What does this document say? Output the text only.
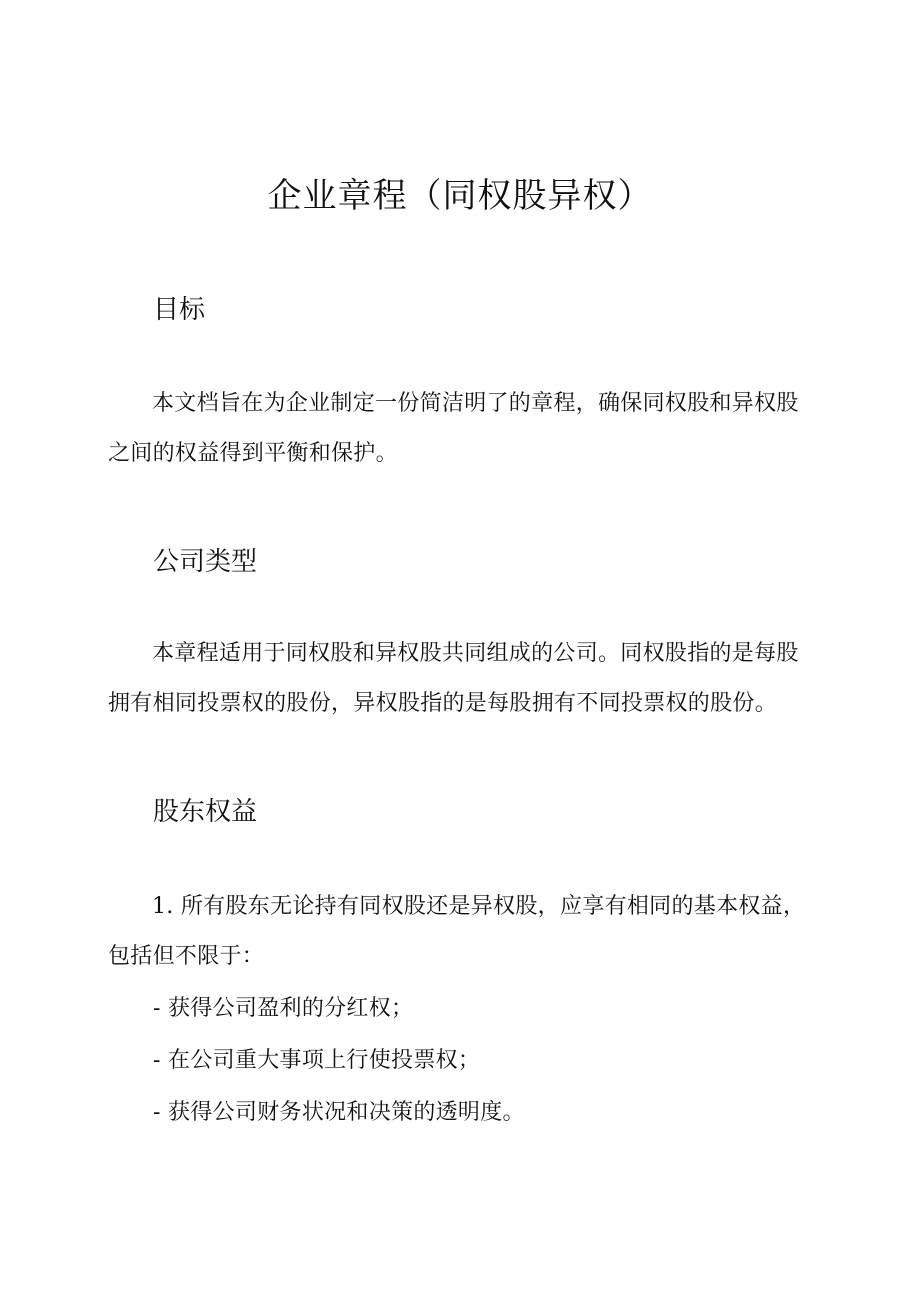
企业章程（同权股异权）
目标

本文档旨在为企业制定一份简洁明了的章程，确保同权股和异权股之间的权益得到平衡和保护。

公司类型

本章程适用于同权股和异权股共同组成的公司。同权股指的是每股拥有相同投票权的股份，异权股指的是每股拥有不同投票权的股份。

股东权益

1. 所有股东无论持有同权股还是异权股，应享有相同的基本权益，包括但不限于：

- 获得公司盈利的分红权；

- 在公司重大事项上行使投票权；

- 获得公司财务状况和决策的透明度。
